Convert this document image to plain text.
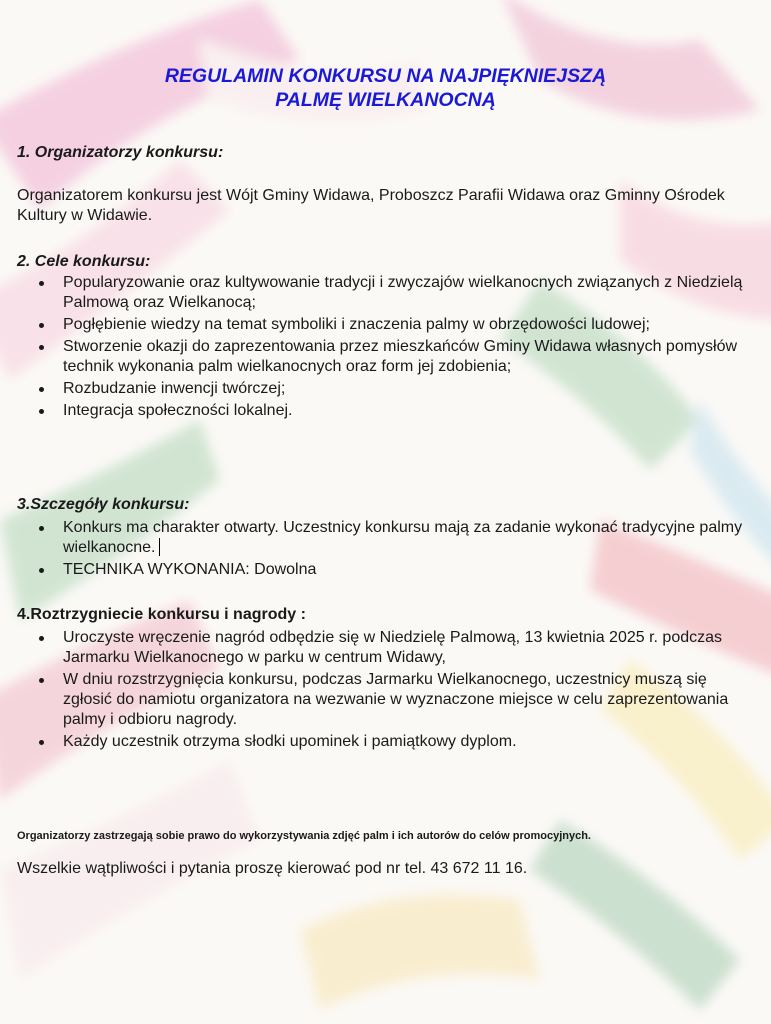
REGULAMIN KONKURSU NA NAJPIĘKNIEJSZĄ
PALMĘ WIELKANOCNĄ
1. Organizatorzy konkursu:
Organizatorem konkursu jest Wójt Gminy Widawa, Proboszcz Parafii Widawa oraz Gminny Ośrodek Kultury w Widawie.
2. Cele konkursu:
Popularyzowanie oraz kultywowanie tradycji i zwyczajów wielkanocnych związanych z Niedzielą Palmową oraz Wielkanocą;
Pogłębienie wiedzy na temat symboliki i znaczenia palmy w obrzędowości ludowej;
Stworzenie okazji do zaprezentowania przez mieszkańców Gminy Widawa własnych pomysłów technik wykonania palm wielkanocnych oraz form jej zdobienia;
Rozbudzanie inwencji twórczej;
Integracja społeczności lokalnej.
3.Szczegóły konkursu:
Konkurs ma charakter otwarty. Uczestnicy konkursu mają za zadanie wykonać tradycyjne palmy wielkanocne.
TECHNIKA WYKONANIA: Dowolna
4.Roztrzygniecie konkursu i nagrody :
Uroczyste wręczenie nagród odbędzie się w Niedzielę Palmową, 13 kwietnia 2025 r. podczas Jarmarku Wielkanocnego w parku w centrum Widawy,
W dniu rozstrzygnięcia konkursu, podczas Jarmarku Wielkanocnego, uczestnicy muszą się zgłosić do namiotu organizatora na wezwanie w wyznaczone miejsce w celu zaprezentowania palmy i odbioru nagrody.
Każdy uczestnik otrzyma słodki upominek i pamiątkowy dyplom.
Organizatorzy zastrzegają sobie prawo do wykorzystywania zdjęć palm i ich autorów do celów promocyjnych.
Wszelkie wątpliwości i pytania proszę kierować pod nr tel. 43 672 11 16.
